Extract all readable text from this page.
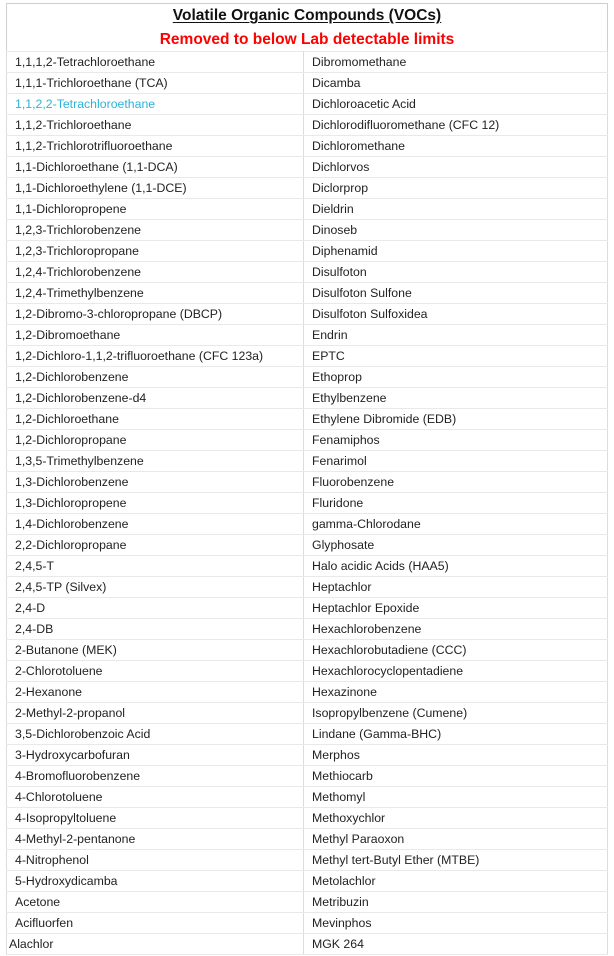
Volatile Organic Compounds (VOCs)
Removed to below Lab detectable limits
1,1,1,2-Tetrachloroethane	Dibromomethane
1,1,1-Trichloroethane (TCA)	Dicamba
1,1,2,2-Tetrachloroethane	Dichloroacetic Acid
1,1,2-Trichloroethane	Dichlorodifluoromethane (CFC 12)
1,1,2-Trichlorotrifluoroethane	Dichloromethane
1,1-Dichloroethane (1,1-DCA)	Dichlorvos
1,1-Dichloroethylene (1,1-DCE)	Diclorprop
1,1-Dichloropropene	Dieldrin
1,2,3-Trichlorobenzene	Dinoseb
1,2,3-Trichloropropane	Diphenamid
1,2,4-Trichlorobenzene	Disulfoton
1,2,4-Trimethylbenzene	Disulfoton Sulfone
1,2-Dibromo-3-chloropropane (DBCP)	Disulfoton Sulfoxidea
1,2-Dibromoethane	Endrin
1,2-Dichloro-1,1,2-trifluoroethane (CFC 123a)	EPTC
1,2-Dichlorobenzene	Ethoprop
1,2-Dichlorobenzene-d4	Ethylbenzene
1,2-Dichloroethane	Ethylene Dibromide (EDB)
1,2-Dichloropropane	Fenamiphos
1,3,5-Trimethylbenzene	Fenarimol
1,3-Dichlorobenzene	Fluorobenzene
1,3-Dichloropropene	Fluridone
1,4-Dichlorobenzene	gamma-Chlorodane
2,2-Dichloropropane	Glyphosate
2,4,5-T	Halo acidic Acids (HAA5)
2,4,5-TP (Silvex)	Heptachlor
2,4-D	Heptachlor Epoxide
2,4-DB	Hexachlorobenzene
2-Butanone (MEK)	Hexachlorobutadiene (CCC)
2-Chlorotoluene	Hexachlorocyclopentadiene
2-Hexanone	Hexazinone
2-Methyl-2-propanol	Isopropylbenzene (Cumene)
3,5-Dichlorobenzoic Acid	Lindane (Gamma-BHC)
3-Hydroxycarbofuran	Merphos
4-Bromofluorobenzene	Methiocarb
4-Chlorotoluene	Methomyl
4-Isopropyltoluene	Methoxychlor
4-Methyl-2-pentanone	Methyl Paraoxon
4-Nitrophenol	Methyl tert-Butyl Ether (MTBE)
5-Hydroxydicamba	Metolachlor
Acetone	Metribuzin
Acifluorfen	Mevinphos
Alachlor	MGK 264
